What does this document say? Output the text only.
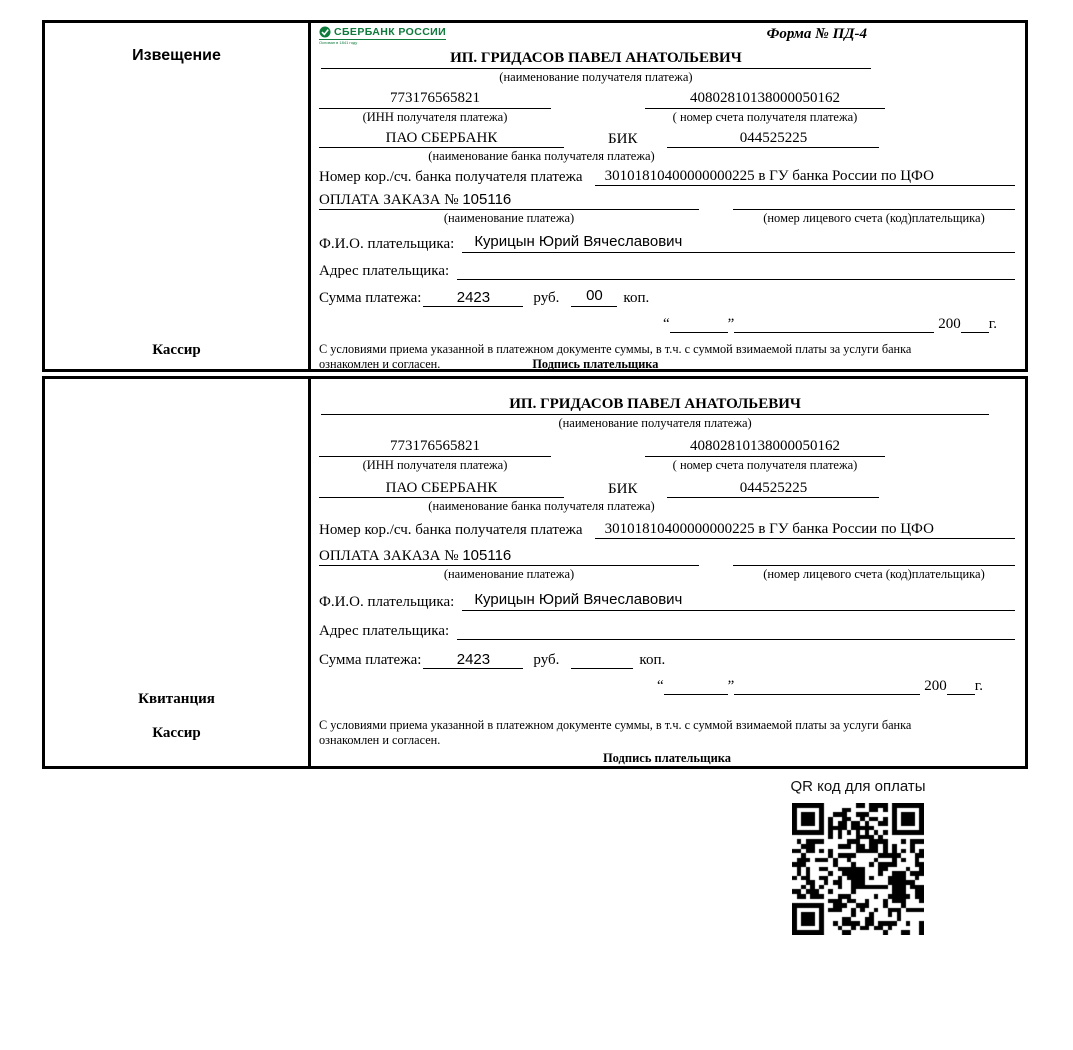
Извещение
Кассир
СБЕРБАНК РОССИИ
Основан в 1841 году
Форма № ПД-4
ИП. ГРИДАСОВ ПАВЕЛ АНАТОЛЬЕВИЧ
(наименование получателя платежа)
773176565821
(ИНН получателя платежа)
40802810138000050162
( номер счета получателя платежа)
ПАО СБЕРБАНК	БИК	044525225
(наименование банка получателя платежа)
Номер кор./сч. банка получателя платежа	30101810400000000225 в ГУ банка России по ЦФО
ОПЛАТА ЗАКАЗА № 105116
(наименование платежа)	(номер лицевого счета (код)плательщика)
Ф.И.О. плательщика:	Курицын Юрий Вячеславович
Адрес плательщика:
Сумма платежа:	2423	руб.	00	коп.
“	”	200 г.
С условиями приема указанной в платежном документе суммы, в т.ч. с суммой взимаемой платы за услуги банка
ознакомлен и согласен.	Подпись плательщика
Квитанция
Кассир
ИП. ГРИДАСОВ ПАВЕЛ АНАТОЛЬЕВИЧ
(наименование получателя платежа)
773176565821
(ИНН получателя платежа)
40802810138000050162
( номер счета получателя платежа)
ПАО СБЕРБАНК	БИК	044525225
(наименование банка получателя платежа)
Номер кор./сч. банка получателя платежа	30101810400000000225 в ГУ банка России по ЦФО
ОПЛАТА ЗАКАЗА № 105116
(наименование платежа)	(номер лицевого счета (код)плательщика)
Ф.И.О. плательщика:	Курицын Юрий Вячеславович
Адрес плательщика:
Сумма платежа:	2423	руб.	коп.
“	”	200 г.
С условиями приема указанной в платежном документе суммы, в т.ч. с суммой взимаемой платы за услуги банка
ознакомлен и согласен.
Подпись плательщика
QR код для оплаты
